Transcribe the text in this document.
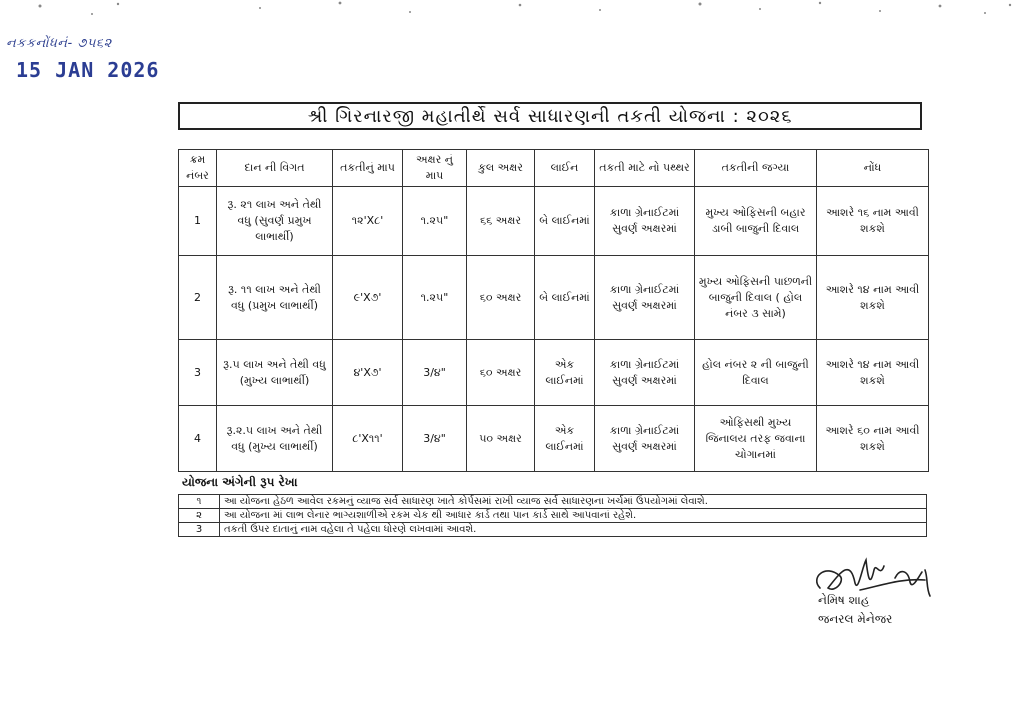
નકકનોંધનં- ૭૫૬૨
15 JAN 2026
શ્રી ગિરનારજી મહાતીર્થે સર્વ સાધારણની તકતી યોજના : ૨૦૨૬
ક્રમ નંબર	દાન ની વિગત	તકતીનું માપ	અક્ષર નું માપ	કુલ અક્ષર	લાઈન	તકતી માટે નો પથ્થર	તકતીની જગ્યા	નોંધ
1	રૂ. ૨૧ લાખ અને તેથી વધુ (સુવર્ણ પ્રમુખ લાભાર્થી)	૧૨'X૮'	૧.૨૫"	૬૬ અક્ષર	બે લાઈનમાં	કાળા ગ્રેનાઈટમાં સુવર્ણ અક્ષરમાં	મુખ્ય ઓફિસની બહાર ડાબી બાજુની દિવાલ	આશરે ૧૬ નામ આવી શકશે
2	રૂ. ૧૧ લાખ અને તેથી વધુ (પ્રમુખ લાભાર્થી)	૯'X૭'	૧.૨૫"	૬૦ અક્ષર	બે લાઈનમાં	કાળા ગ્રેનાઈટમાં સુવર્ણ અક્ષરમાં	મુખ્ય ઓફિસની પાછળની બાજુની દિવાલ ( હોલ નંબર ૩ સામે)	આશરે ૧૪ નામ આવી શકશે
3	રૂ.૫ લાખ અને તેથી વધુ (મુખ્ય લાભાર્થી)	૪'X૭'	3/૪"	૬૦ અક્ષર	એક લાઈનમાં	કાળા ગ્રેનાઈટમાં સુવર્ણ અક્ષરમાં	હોલ નંબર ૨ ની બાજુની દિવાલ	આશરે ૧૪ નામ આવી શકશે
4	રૂ.૨.૫ લાખ અને તેથી વધુ (મુખ્ય લાભાર્થી)	૮'X૧૧'	3/૪"	૫૦ અક્ષર	એક લાઈનમાં	કાળા ગ્રેનાઈટમાં સુવર્ણ અક્ષરમાં	ઓફિસથી મુખ્ય જિનાલય તરફ જવાના ચોગાનમાં	આશરે ૬૦ નામ આવી શકશે
યોજના અંગેની રૂપ રેખા
૧	આ યોજના હેઠળ આવેલ રકમનું વ્યાજ સર્વ સાધારણ ખાતે કોર્પસમાં રાખી વ્યાજ સર્વ સાધારણના ખર્ચમાં ઉપયોગમાં લેવાશે.
૨	આ યોજના માં લાભ લેનાર ભાગ્યશાળીએ રકમ ચેક થી આધાર કાર્ડ તથા પાન કાર્ડ સાથે આપવાનાં રહેશે.
3	તકતી ઉપર દાતાનું નામ વહેલા તે પહેલા ધોરણે લખવામાં આવશે.
નેમિષ શાહ
જનરલ મેનેજર
